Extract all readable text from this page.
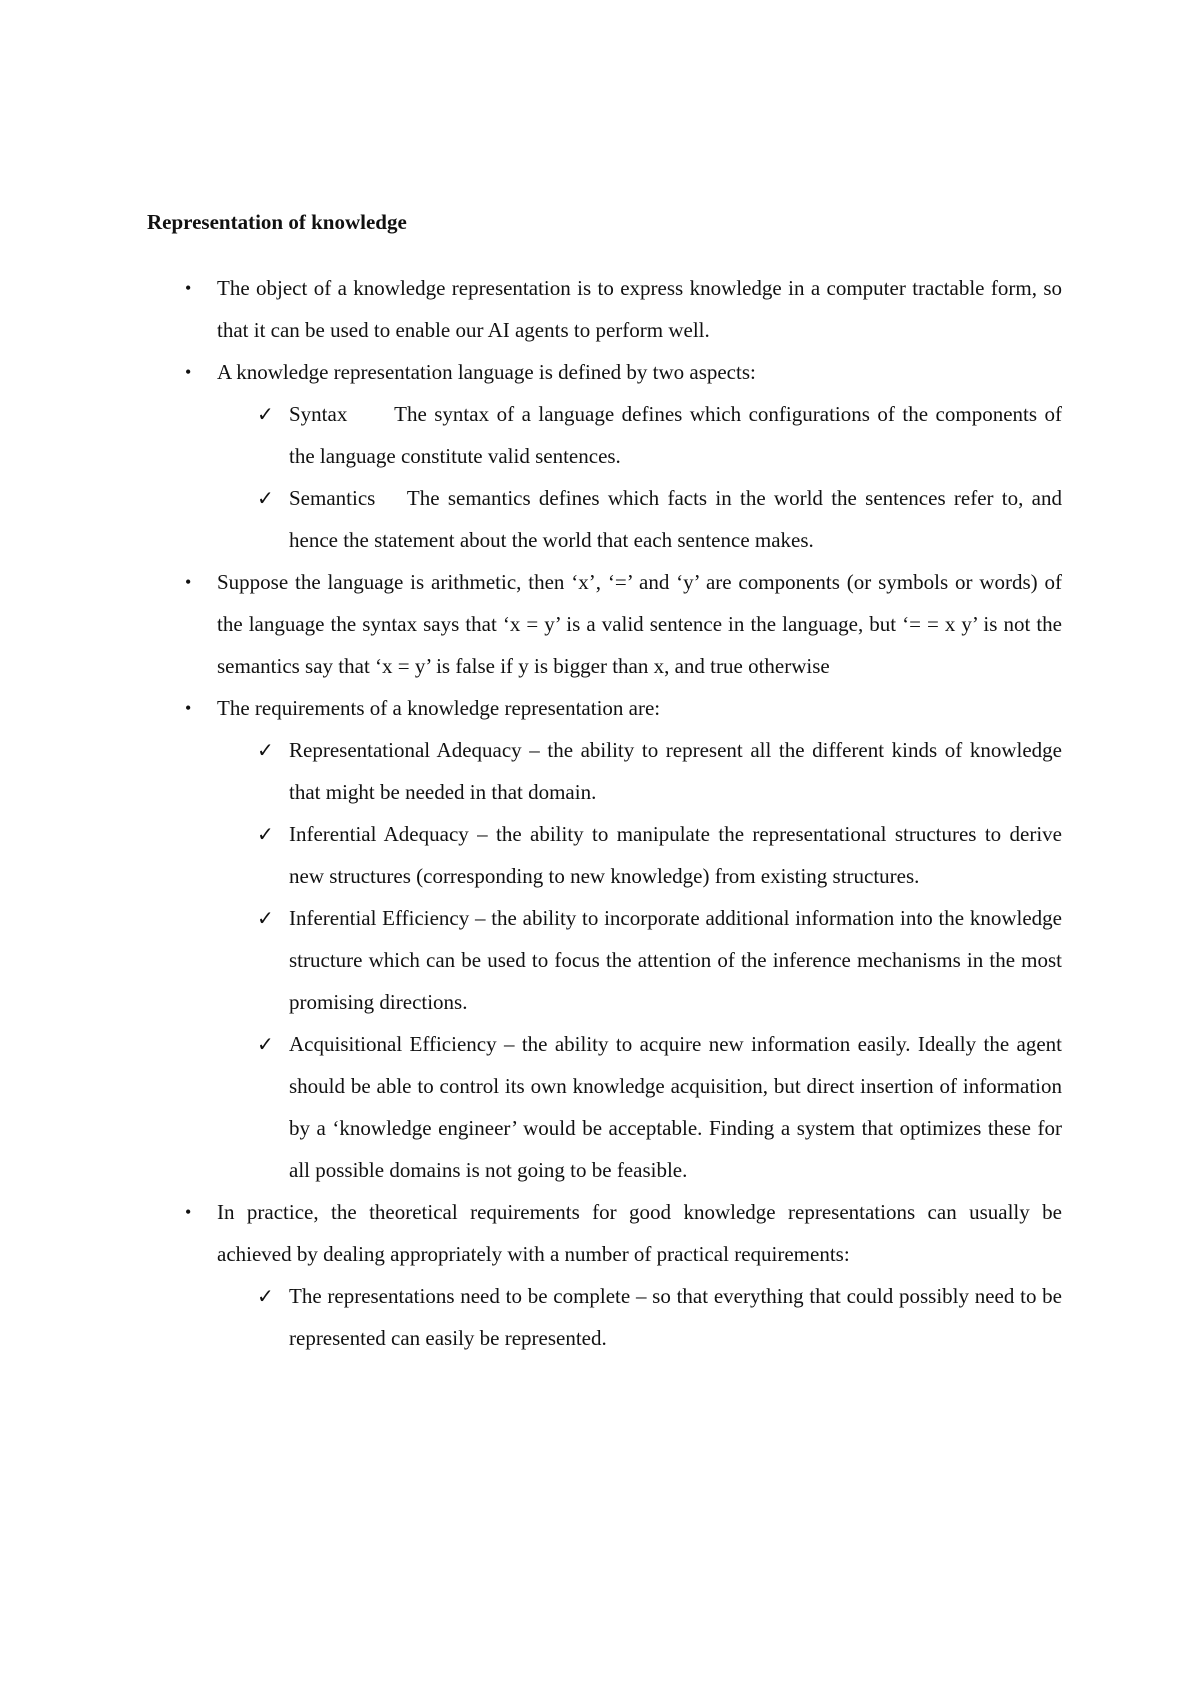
Representation of knowledge
•	The object of a knowledge representation is to express knowledge in a computer tractable form, so that it can be used to enable our AI agents to perform well.
•	A knowledge representation language is defined by two aspects:
✓ Syntax The syntax of a language defines which configurations of the components of the language constitute valid sentences.
✓ Semantics The semantics defines which facts in the world the sentences refer to, and hence the statement about the world that each sentence makes.
•	Suppose the language is arithmetic, then ‘x’, ‘=’ and ‘y’ are components (or symbols or words) of the language the syntax says that ‘x = y’ is a valid sentence in the language, but ‘= = x y’ is not the semantics say that ‘x = y’ is false if y is bigger than x, and true otherwise
•	The requirements of a knowledge representation are:
✓ Representational Adequacy – the ability to represent all the different kinds of knowledge that might be needed in that domain.
✓ Inferential Adequacy – the ability to manipulate the representational structures to derive new structures (corresponding to new knowledge) from existing structures.
✓ Inferential Efficiency – the ability to incorporate additional information into the knowledge structure which can be used to focus the attention of the inference mechanisms in the most promising directions.
✓ Acquisitional Efficiency – the ability to acquire new information easily. Ideally the agent should be able to control its own knowledge acquisition, but direct insertion of information by a ‘knowledge engineer’ would be acceptable. Finding a system that optimizes these for all possible domains is not going to be feasible.
•	In practice, the theoretical requirements for good knowledge representations can usually be achieved by dealing appropriately with a number of practical requirements:
✓ The representations need to be complete – so that everything that could possibly need to be represented can easily be represented.
